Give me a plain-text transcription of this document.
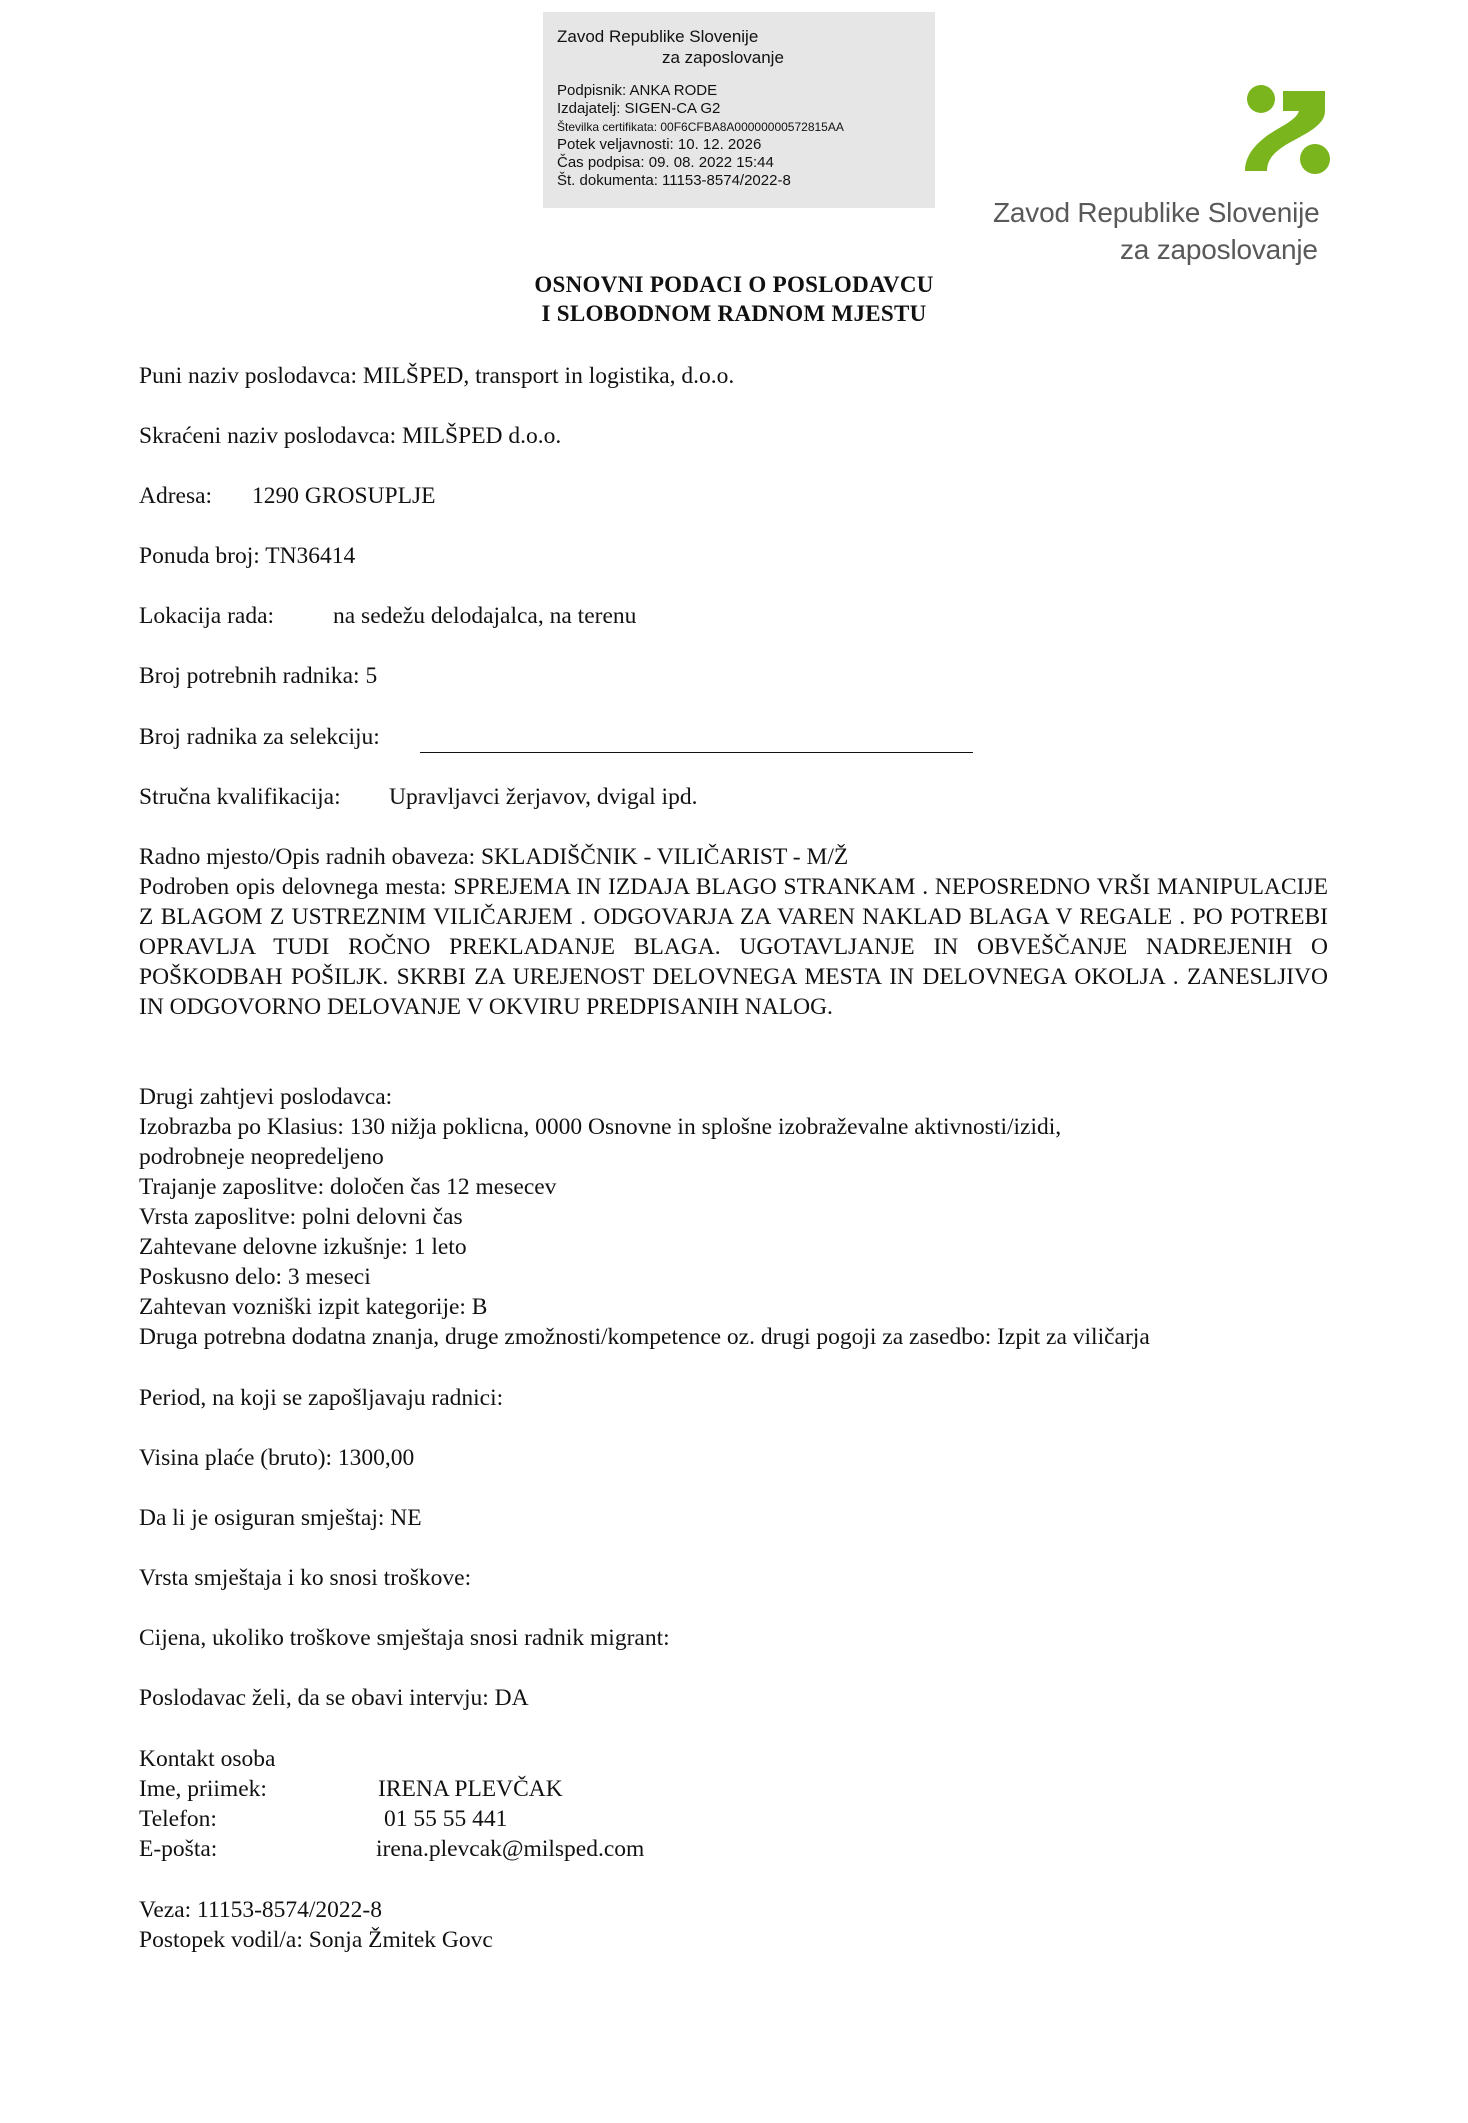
Zavod Republike Slovenije
za zaposlovanje
Podpisnik: ANKA RODE
Izdajatelj: SIGEN-CA G2
Številka certifikata: 00F6CFBA8A00000000572815AA
Potek veljavnosti: 10. 12. 2026
Čas podpisa: 09. 08. 2022 15:44
Št. dokumenta: 11153-8574/2022-8
Zavod Republike Slovenije
za zaposlovanje
OSNOVNI PODACI O POSLODAVCU
I SLOBODNOM RADNOM MJESTU
Puni naziv poslodavca: MILŠPED, transport in logistika, d.o.o.
Skraćeni naziv poslodavca: MILŠPED d.o.o.
Adresa: 1290 GROSUPLJE
Ponuda broj: TN36414
Lokacija rada:	na sedežu delodajalca, na terenu
Broj potrebnih radnika: 5
Broj radnika za selekciju:
Stručna kvalifikacija: Upravljavci žerjavov, dvigal ipd.
Radno mjesto/Opis radnih obaveza: SKLADIŠČNIK - VILIČARIST - M/Ž
Podroben opis delovnega mesta: SPREJEMA IN IZDAJA BLAGO STRANKAM . NEPOSREDNO VRŠI MANIPULACIJE Z BLAGOM Z USTREZNIM VILIČARJEM . ODGOVARJA ZA VAREN NAKLAD BLAGA V REGALE . PO POTREBI OPRAVLJA TUDI ROČNO PREKLADANJE BLAGA. UGOTAVLJANJE IN OBVEŠČANJE NADREJENIH O POŠKODBAH POŠILJK. SKRBI ZA UREJENOST DELOVNEGA MESTA IN DELOVNEGA OKOLJA . ZANESLJIVO IN ODGOVORNO DELOVANJE V OKVIRU PREDPISANIH NALOG.
Drugi zahtjevi poslodavca:
Izobrazba po Klasius: 130 nižja poklicna, 0000 Osnovne in splošne izobraževalne aktivnosti/izidi,
podrobneje neopredeljeno
Trajanje zaposlitve: določen čas 12 mesecev
Vrsta zaposlitve: polni delovni čas
Zahtevane delovne izkušnje: 1 leto
Poskusno delo: 3 meseci
Zahtevan vozniški izpit kategorije: B
Druga potrebna dodatna znanja, druge zmožnosti/kompetence oz. drugi pogoji za zasedbo: Izpit za viličarja
Period, na koji se zapošljavaju radnici:
Visina plaće (bruto): 1300,00
Da li je osiguran smještaj: NE
Vrsta smještaja i ko snosi troškove:
Cijena, ukoliko troškove smještaja snosi radnik migrant:
Poslodavac želi, da se obavi intervju: DA
Kontakt osoba
Ime, priimek:	IRENA PLEVČAK
Telefon:	01 55 55 441
E-pošta:	irena.plevcak@milsped.com
Veza: 11153-8574/2022-8
Postopek vodil/a: Sonja Žmitek Govc
